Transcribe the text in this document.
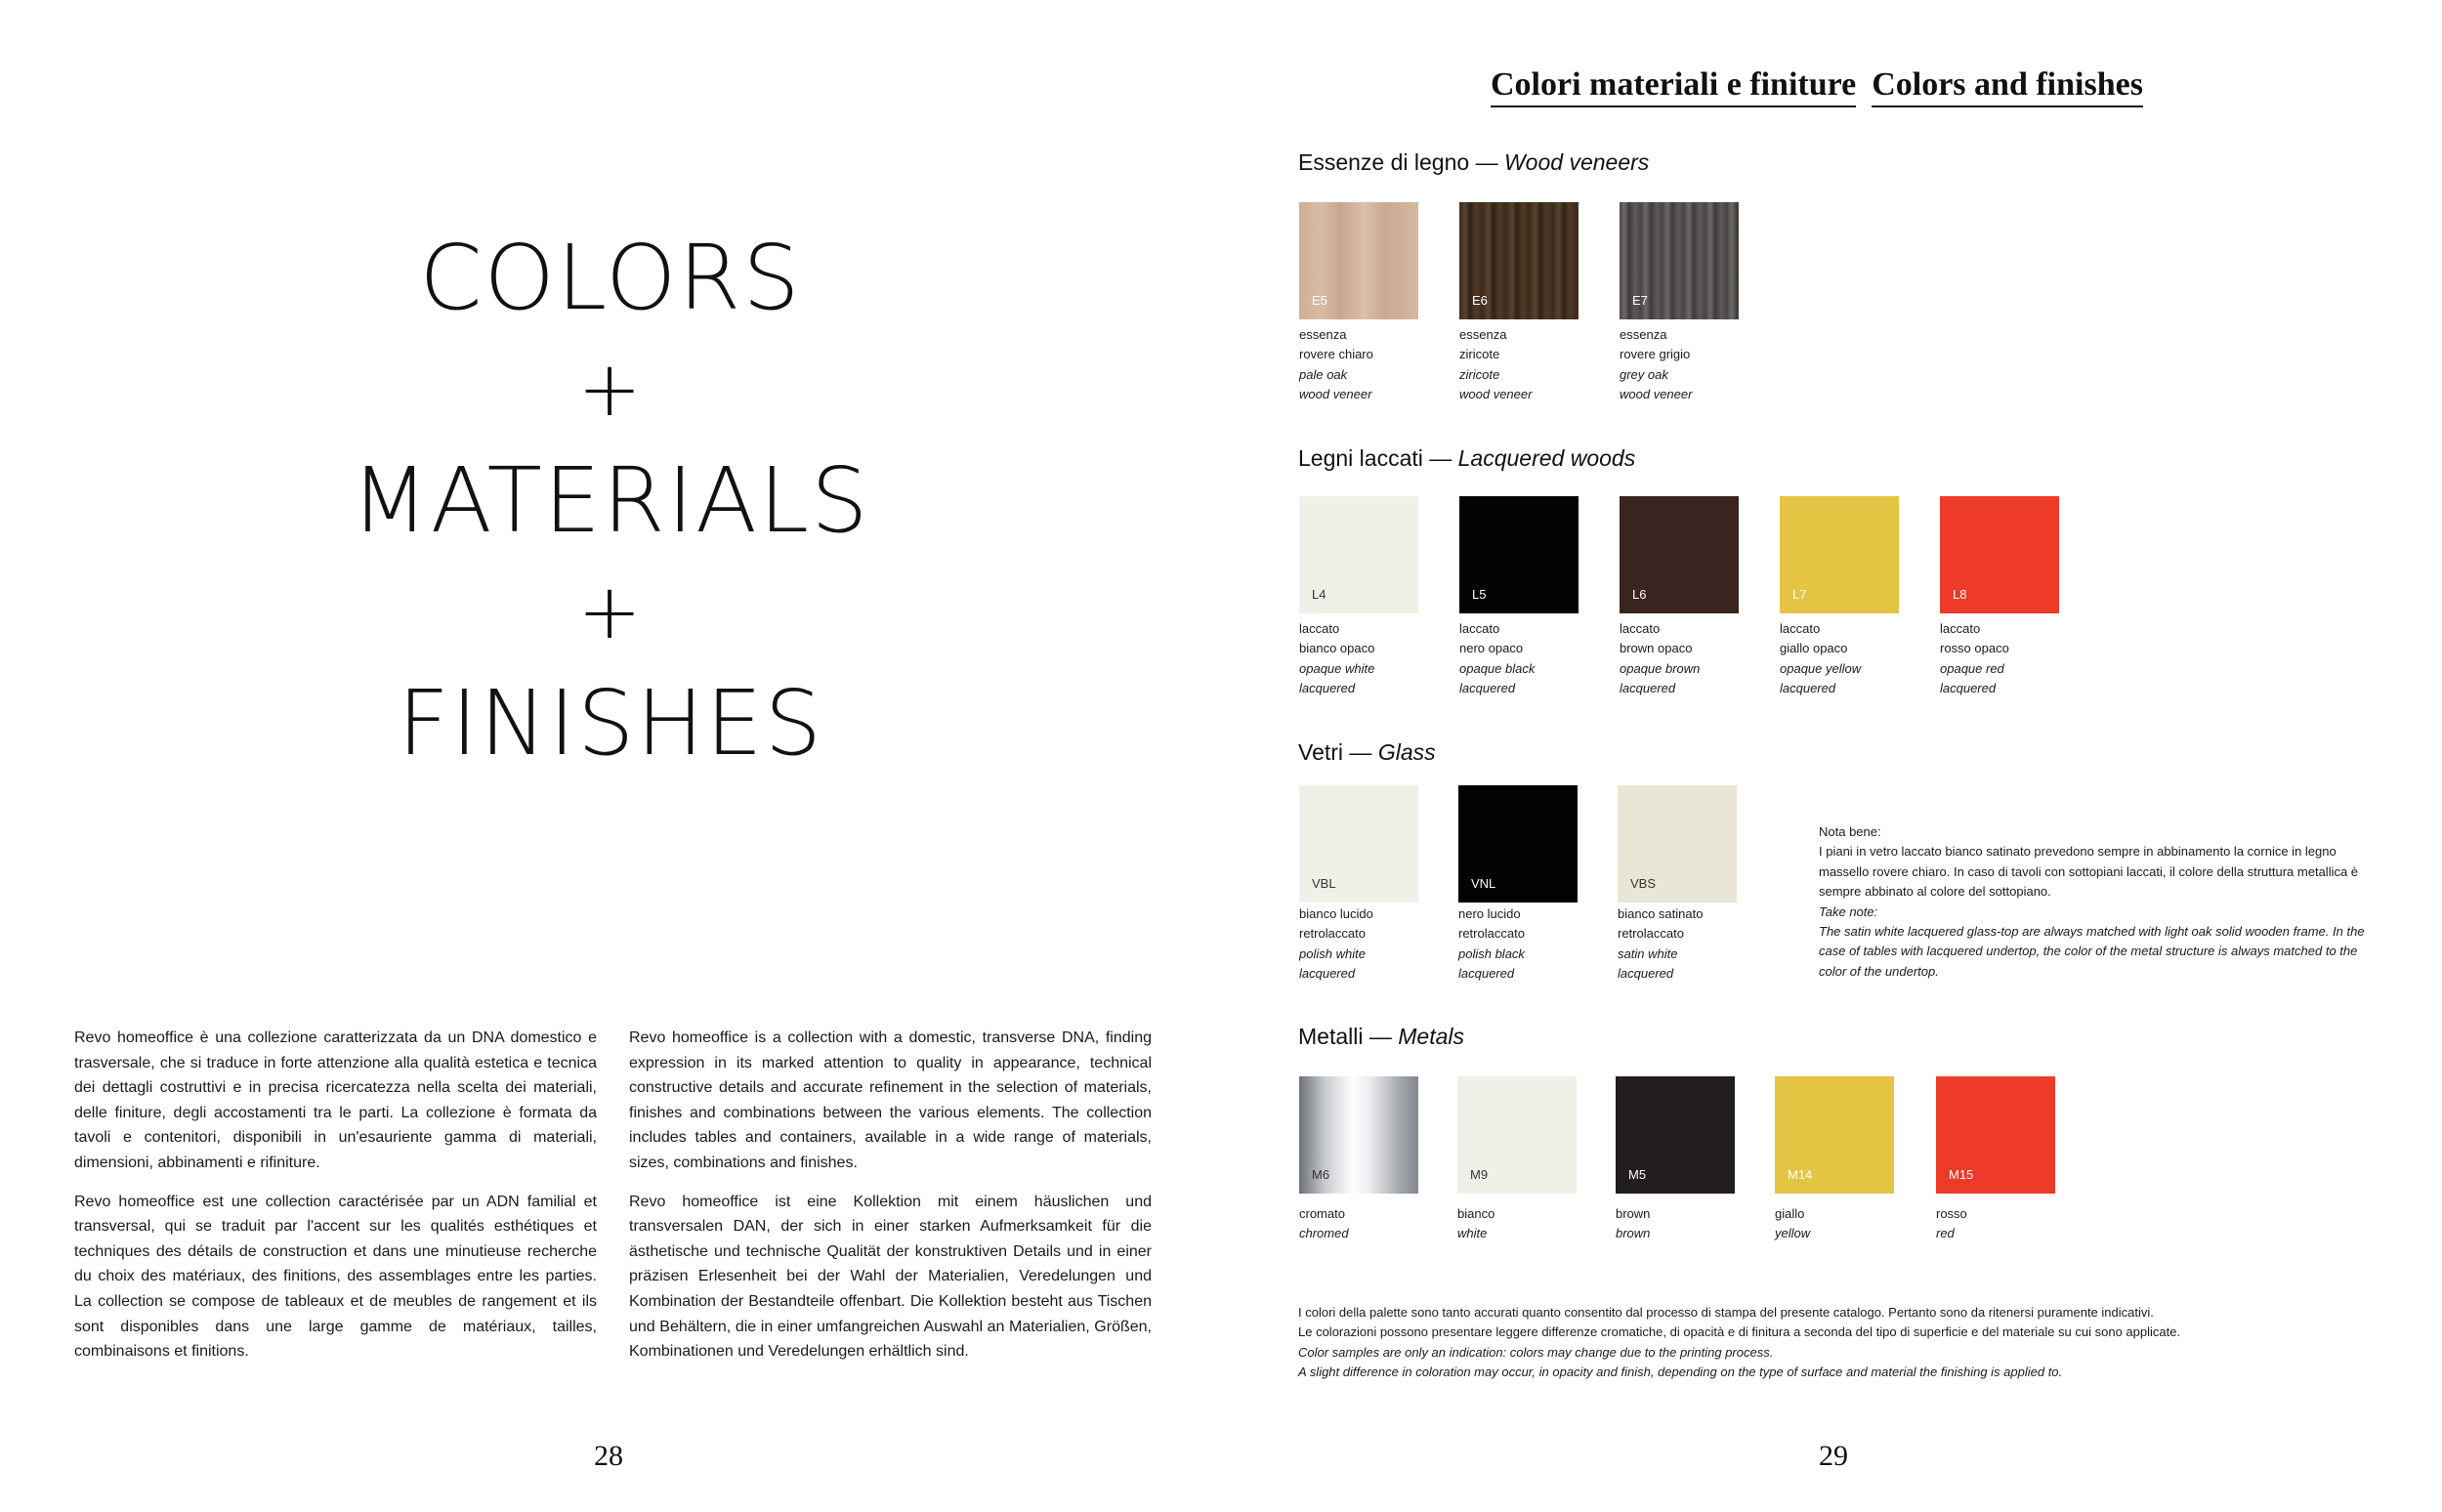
COLORS
+
MATERIALS
+
FINISHES

Revo homeoffice è una collezione caratterizzata da un DNA domestico e trasversale, che si traduce in forte attenzione alla qualità estetica e tecnica dei dettagli costruttivi e in precisa ricercatezza nella scelta dei materiali, delle finiture, degli accostamenti tra le parti. La collezione è formata da tavoli e contenitori, disponibili in un'esauriente gamma di materiali, dimensioni, abbinamenti e rifiniture.

Revo homeoffice est une collection caractérisée par un ADN familial et transversal, qui se traduit par l'accent sur les qualités esthétiques et techniques des détails de construction et dans une minutieuse recherche du choix des matériaux, des finitions, des assemblages entre les parties. La collection se compose de tableaux et de meubles de rangement et ils sont disponibles dans une large gamme de matériaux, tailles, combinaisons et finitions.

Revo homeoffice is a collection with a domestic, transverse DNA, finding expression in its marked attention to quality in appearance, technical constructive details and accurate refinement in the selection of materials, finishes and combinations between the various elements. The collection includes tables and containers, available in a wide range of materials, sizes, combinations and finishes.

Revo homeoffice ist eine Kollektion mit einem häuslichen und transversalen DAN, der sich in einer starken Aufmerksamkeit für die ästhetische und technische Qualität der konstruktiven Details und in einer präzisen Erlesenheit bei der Wahl der Materialien, Veredelungen und Kombination der Bestandteile offenbart. Die Kollektion besteht aus Tischen und Behältern, die in einer umfangreichen Auswahl an Materialien, Größen, Kombinationen und Veredelungen erhältlich sind.

28
Colori materiali e finiture Colors and finishes
Essenze di legno — Wood veneers
E5
essenza
rovere chiaro
pale oak
wood veneer
E6
essenza
ziricote
ziricote
wood veneer
E7
essenza
rovere grigio
grey oak
wood veneer
Legni laccati — Lacquered woods
L4
laccato
bianco opaco
opaque white
lacquered
L5
laccato
nero opaco
opaque black
lacquered
L6
laccato
brown opaco
opaque brown
lacquered
L7
laccato
giallo opaco
opaque yellow
lacquered
L8
laccato
rosso opaco
opaque red
lacquered
Vetri — Glass
VBL
bianco lucido
retrolaccato
polish white
lacquered
VNL
nero lucido
retrolaccato
polish black
lacquered
VBS
bianco satinato
retrolaccato
satin white
lacquered
Nota bene:
I piani in vetro laccato bianco satinato prevedono sempre in abbinamento la cornice in legno massello rovere chiaro. In caso di tavoli con sottopiani laccati, il colore della struttura metallica è sempre abbinato al colore del sottopiano.
Take note:
The satin white lacquered glass-top are always matched with light oak solid wooden frame. In the case of tables with lacquered undertop, the color of the metal structure is always matched to the color of the undertop.
Metalli — Metals
M6
cromato
chromed
M9
bianco
white
M5
brown
brown
M14
giallo
yellow
M15
rosso
red
I colori della palette sono tanto accurati quanto consentito dal processo di stampa del presente catalogo. Pertanto sono da ritenersi puramente indicativi.
Le colorazioni possono presentare leggere differenze cromatiche, di opacità e di finitura a seconda del tipo di superficie e del materiale su cui sono applicate.
Color samples are only an indication: colors may change due to the printing process.
A slight difference in coloration may occur, in opacity and finish, depending on the type of surface and material the finishing is applied to.
29
